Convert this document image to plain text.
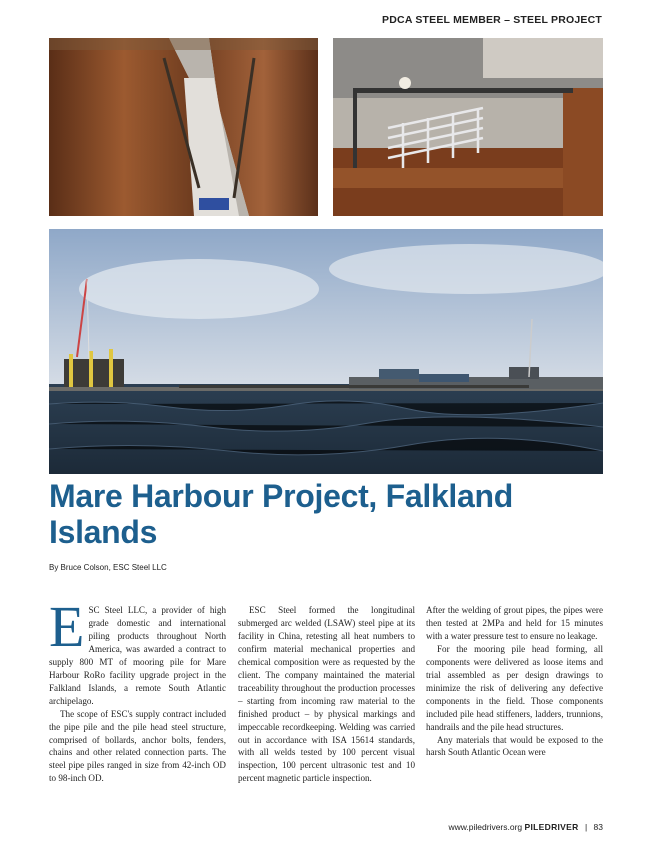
PDCA STEEL MEMBER – STEEL PROJECT
Mare Harbour Project, Falkland Islands
By Bruce Colson, ESC Steel LLC

ESC Steel LLC, a provider of high grade domestic and international piling products throughout North America, was awarded a contract to supply 800 MT of mooring pile for Mare Harbour RoRo facility upgrade project in the Falkland Islands, a remote South Atlantic archipelago.

The scope of ESC's supply contract included the pipe pile and the pile head steel structure, comprised of bollards, anchor bolts, fenders, chains and other related connection parts. The steel pipe piles ranged in size from 42-inch OD to 98-inch OD.

ESC Steel formed the longitudinal submerged arc welded (LSAW) steel pipe at its facility in China, retesting all heat numbers to confirm material mechanical properties and chemical composition were as requested by the client. The company maintained the material traceability throughout the production processes – starting from incoming raw material to the finished product – by physical markings and impeccable recordkeeping. Welding was carried out in accordance with ISA 15614 standards, with all welds tested by 100 percent visual inspection, 100 percent ultrasonic test and 10 percent magnetic particle inspection.

After the welding of grout pipes, the pipes were then tested at 2MPa and held for 15 minutes with a water pressure test to ensure no leakage.

For the mooring pile head forming, all components were delivered as loose items and trial assembled as per design drawings to minimize the risk of delivering any defective components in the field. Those components included pile head stiffeners, ladders, trunnions, handrails and the pile head structures.

Any materials that would be exposed to the harsh South Atlantic Ocean were

www.piledrivers.org PILEDRIVER | 83
